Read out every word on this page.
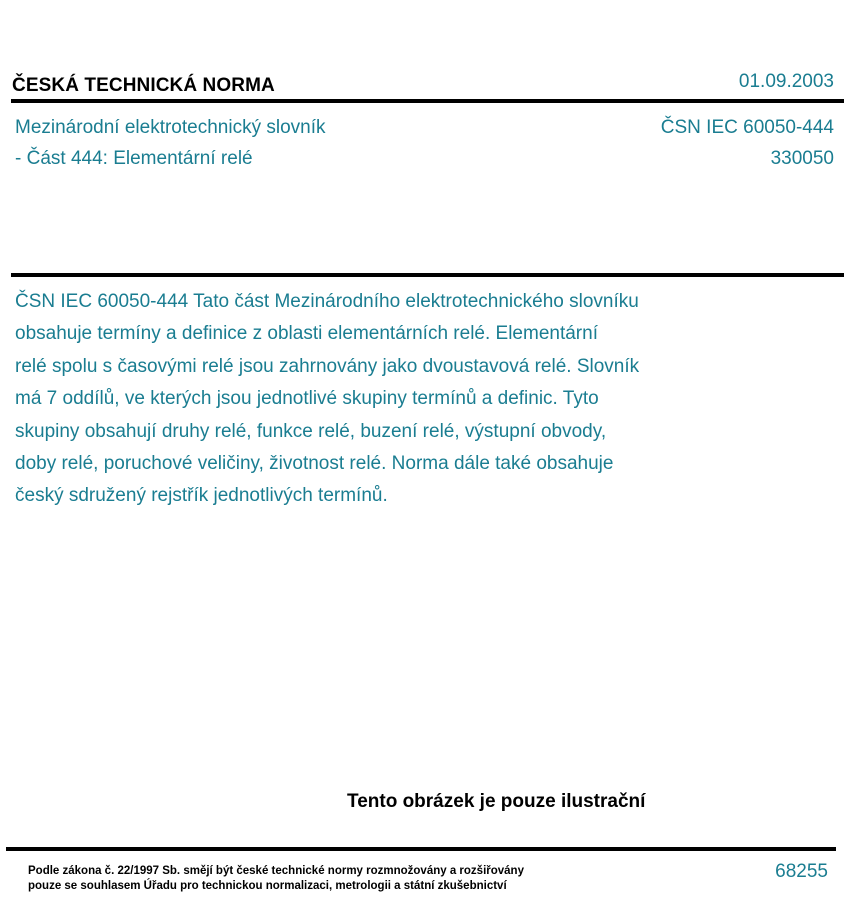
ČESKÁ TECHNICKÁ NORMA	01.09.2003
Mezinárodní elektrotechnický slovník
- Část 444: Elementární relé
ČSN IEC 60050-444
330050
ČSN IEC 60050-444 Tato část Mezinárodního elektrotechnického slovníku
obsahuje termíny a definice z oblasti elementárních relé. Elementární
relé spolu s časovými relé jsou zahrnovány jako dvoustavová relé. Slovník
má 7 oddílů, ve kterých jsou jednotlivé skupiny termínů a definic. Tyto
skupiny obsahují druhy relé, funkce relé, buzení relé, výstupní obvody,
doby relé, poruchové veličiny, životnost relé. Norma dále také obsahuje
český sdružený rejstřík jednotlivých termínů.
Tento obrázek je pouze ilustrační
Podle zákona č. 22/1997 Sb. smějí být české technické normy rozmnožovány a rozšiřovány
pouze se souhlasem Úřadu pro technickou normalizaci, metrologii a státní zkušebnictví
68255
